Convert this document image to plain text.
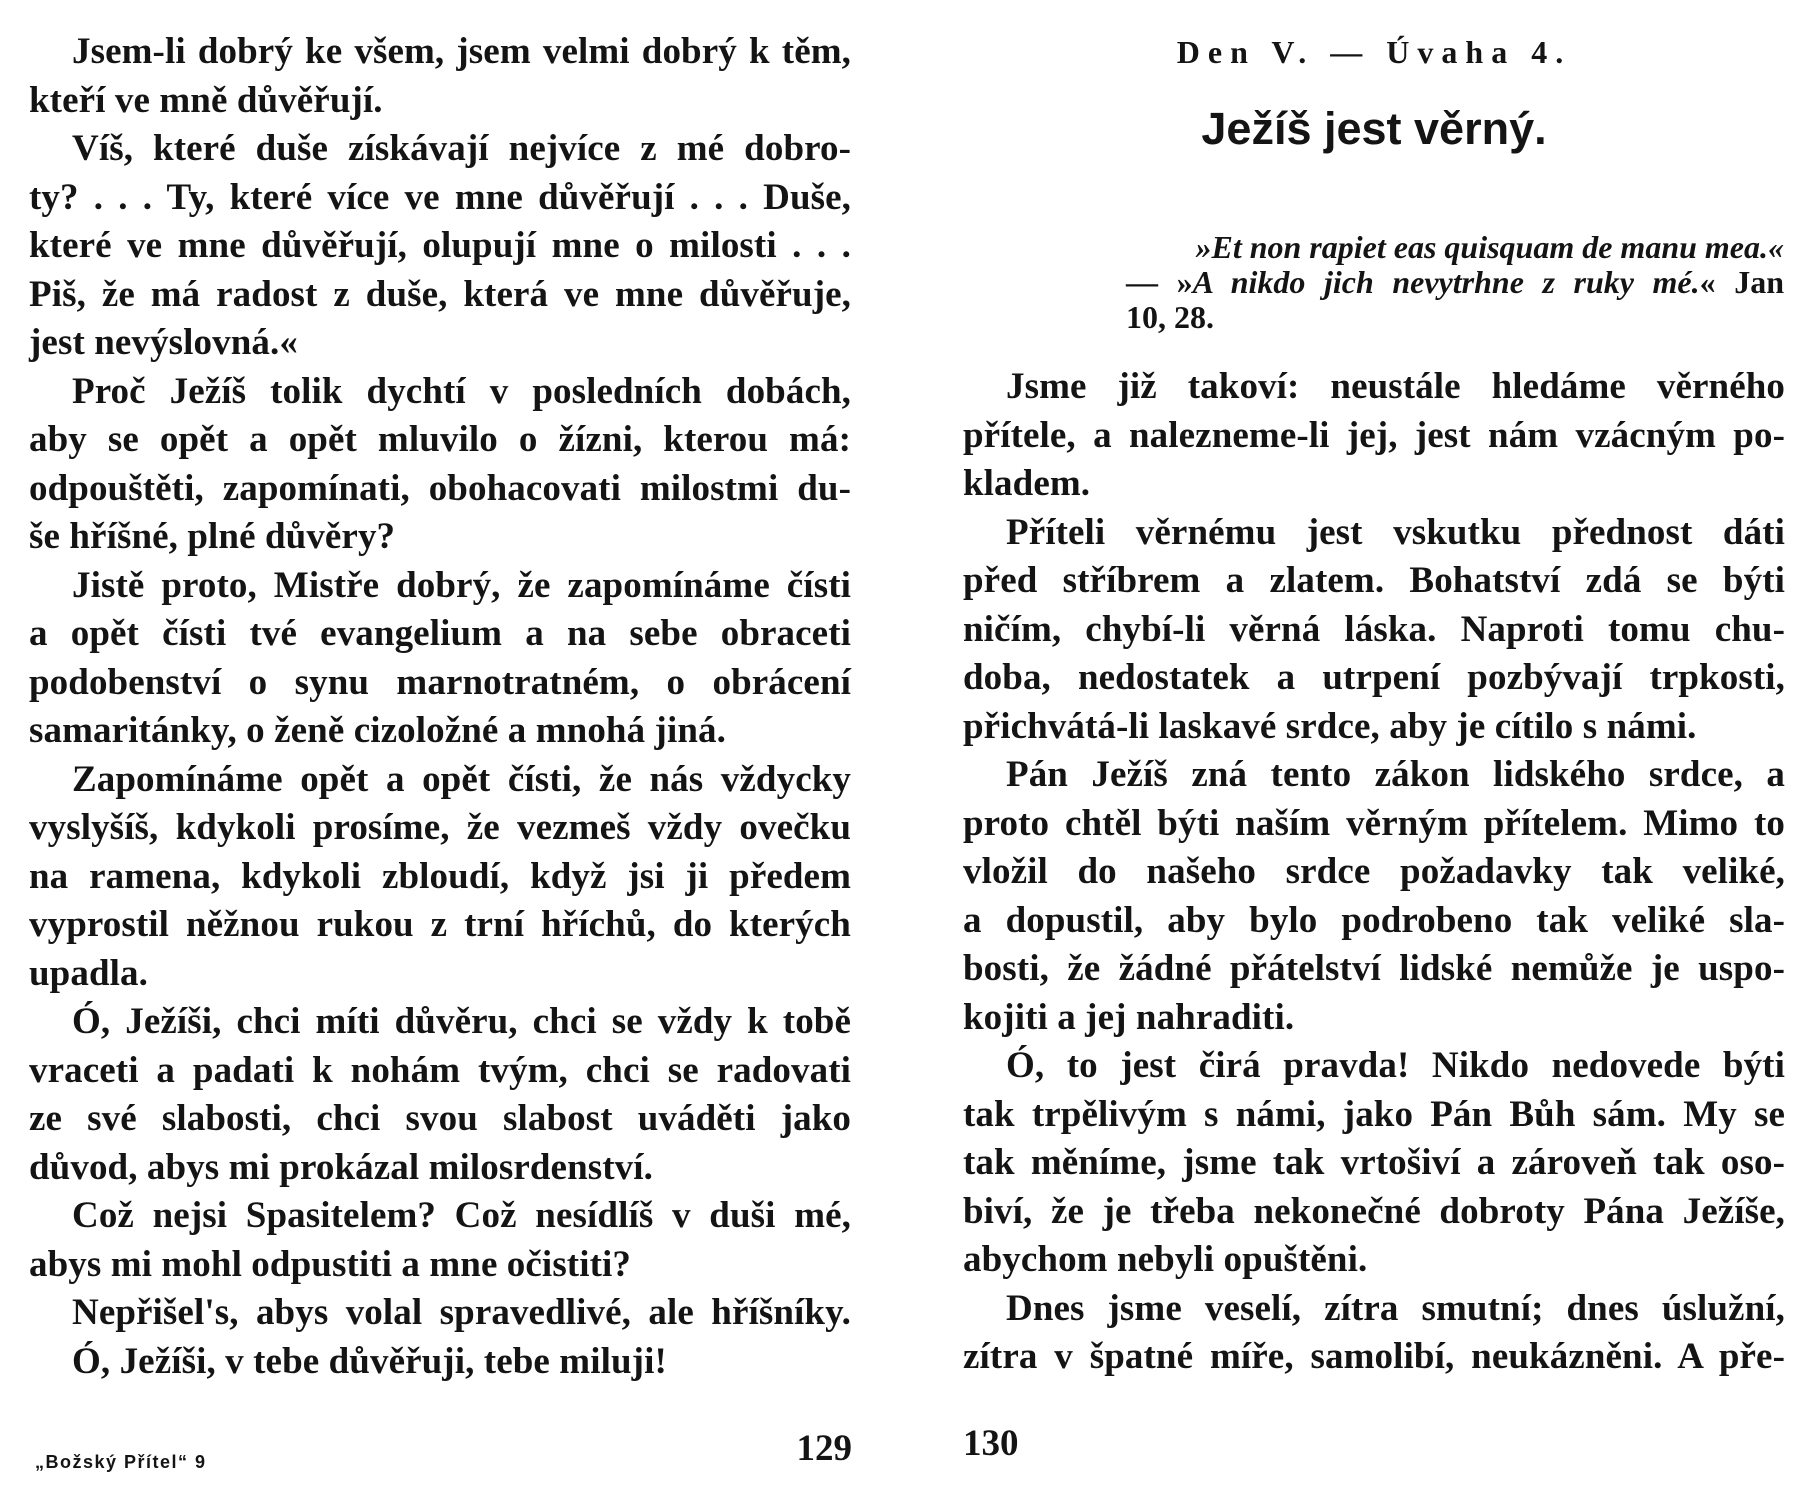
Jsem-li dobrý ke všem, jsem velmi dobrý k těm,
kteří ve mně důvěřují.
Víš, které duše získávají nejvíce z mé dobro-
ty? . . . Ty, které více ve mne důvěřují . . . Duše,
které ve mne důvěřují, olupují mne o milosti . . .
Piš, že má radost z duše, která ve mne důvěřuje,
jest nevýslovná.«
Proč Ježíš tolik dychtí v posledních dobách,
aby se opět a opět mluvilo o žízni, kterou má:
odpouštěti, zapomínati, obohacovati milostmi du-
še hříšné, plné důvěry?
Jistě proto, Mistře dobrý, že zapomínáme čísti
a opět čísti tvé evangelium a na sebe obraceti
podobenství o synu marnotratném, o obrácení
samaritánky, o ženě cizoložné a mnohá jiná.
Zapomínáme opět a opět čísti, že nás vždycky
vyslyšíš, kdykoli prosíme, že vezmeš vždy ovečku
na ramena, kdykoli zbloudí, když jsi ji předem
vyprostil něžnou rukou z trní hříchů, do kterých
upadla.
Ó, Ježíši, chci míti důvěru, chci se vždy k tobě
vraceti a padati k nohám tvým, chci se radovati
ze své slabosti, chci svou slabost uváděti jako
důvod, abys mi prokázal milosrdenství.
Což nejsi Spasitelem? Což nesídlíš v duši mé,
abys mi mohl odpustiti a mne očistiti?
Nepřišel's, abys volal spravedlivé, ale hříšníky.
Ó, Ježíši, v tebe důvěřuji, tebe miluji!
„Božský Přítel“ 9	129
Den V. — Úvaha 4.
Ježíš jest věrný.
»Et non rapiet eas quisquam de manu mea.«
— »A nikdo jich nevytrhne z ruky mé.« Jan
10, 28.
Jsme již takoví: neustále hledáme věrného
přítele, a nalezneme-li jej, jest nám vzácným po-
kladem.
Příteli věrnému jest vskutku přednost dáti
před stříbrem a zlatem. Bohatství zdá se býti
ničím, chybí-li věrná láska. Naproti tomu chu-
doba, nedostatek a utrpení pozbývají trpkosti,
přichvátá-li laskavé srdce, aby je cítilo s námi.
Pán Ježíš zná tento zákon lidského srdce, a
proto chtěl býti naším věrným přítelem. Mimo to
vložil do našeho srdce požadavky tak veliké,
a dopustil, aby bylo podrobeno tak veliké sla-
bosti, že žádné přátelství lidské nemůže je uspo-
kojiti a jej nahraditi.
Ó, to jest čirá pravda! Nikdo nedovede býti
tak trpělivým s námi, jako Pán Bůh sám. My se
tak měníme, jsme tak vrtošiví a zároveň tak oso-
biví, že je třeba nekonečné dobroty Pána Ježíše,
abychom nebyli opuštěni.
Dnes jsme veselí, zítra smutní; dnes úslužní,
zítra v špatné míře, samolibí, neukázněni. A pře-
130
